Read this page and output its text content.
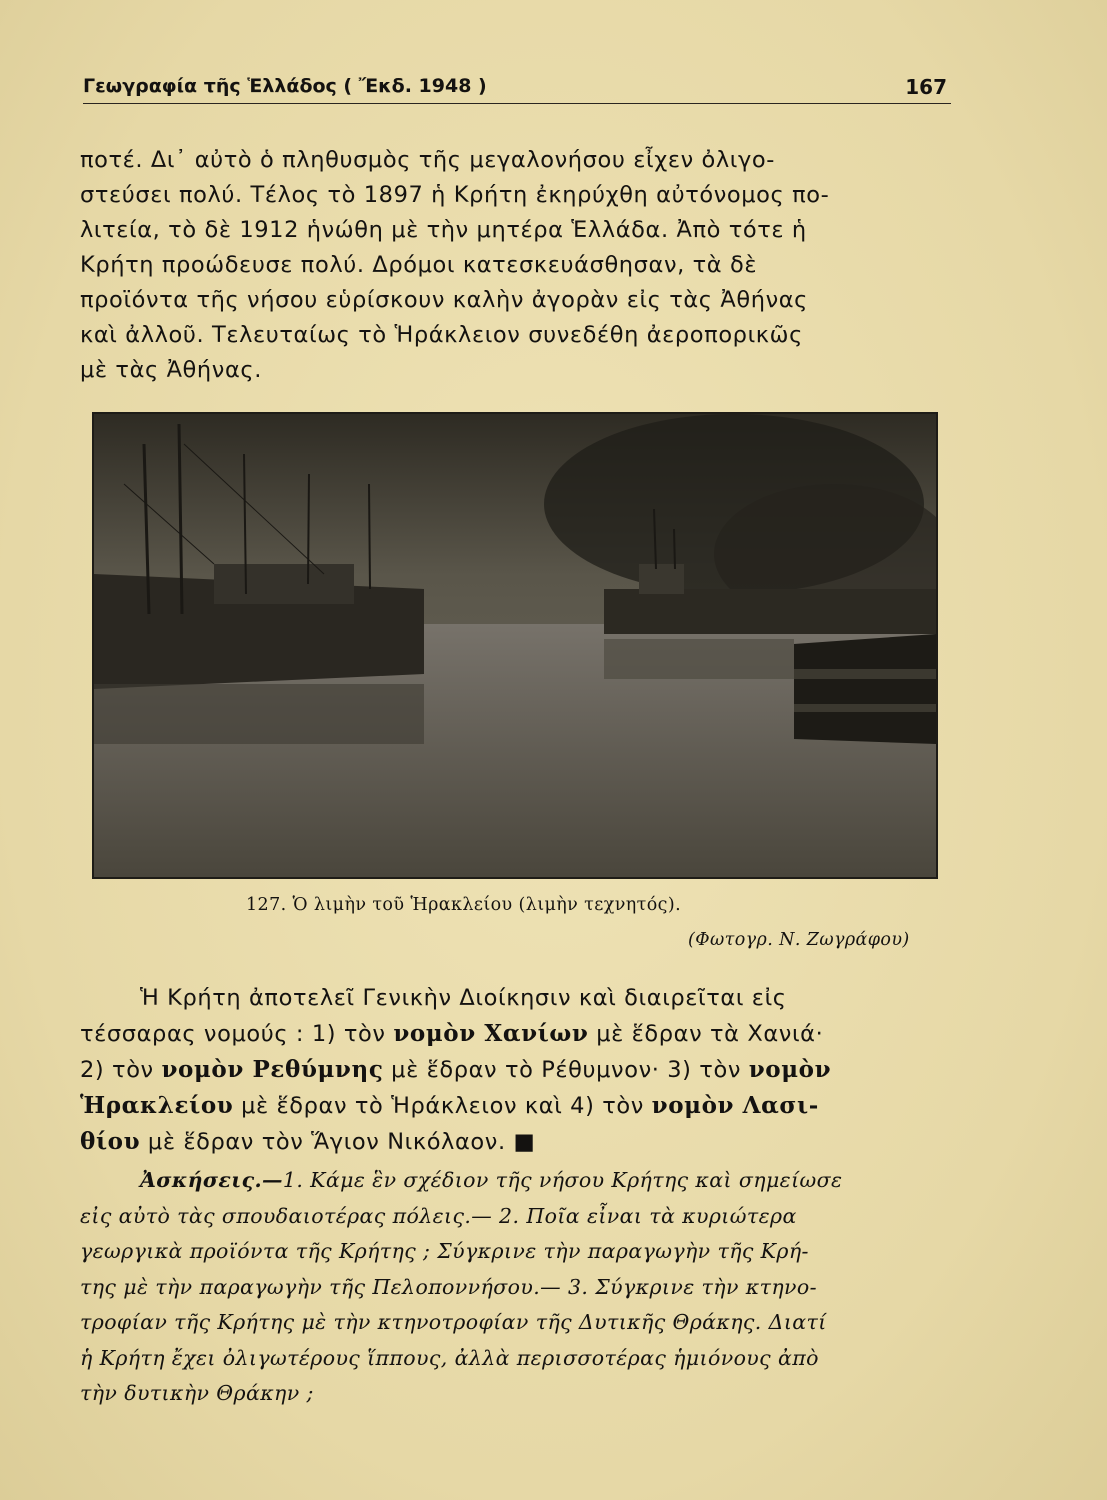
Γεωγραφία τῆς Ἑλλάδος ( Ἔκδ. 1948 )	167

ποτέ. Δι᾿ αὐτὸ ὁ πληθυσμὸς τῆς μεγαλονήσου εἶχεν ὀλιγο-
στεύσει πολύ. Τέλος τὸ 1897 ἡ Κρήτη ἐκηρύχθη αὐτόνομος πο-
λιτεία, τὸ δὲ 1912 ἡνώθη μὲ τὴν μητέρα Ἑλλάδα. Ἀπὸ τότε ἡ
Κρήτη προώδευσε πολύ. Δρόμοι κατεσκευάσθησαν, τὰ δὲ
προϊόντα τῆς νήσου εὑρίσκουν καλὴν ἀγορὰν εἰς τὰς Ἀθήνας
καὶ ἀλλοῦ. Τελευταίως τὸ Ἡράκλειον συνεδέθη ἀεροπορικῶς
μὲ τὰς Ἀθήνας.

127. Ὁ λιμὴν τοῦ Ἡρακλείου (λιμὴν τεχνητός).
(Φωτογρ. Ν. Ζωγράφου)

Ἡ Κρήτη ἀποτελεῖ Γενικὴν Διοίκησιν καὶ διαιρεῖται εἰς
τέσσαρας νομούς : 1) τὸν νομὸν Χανίων μὲ ἕδραν τὰ Χανιά·
2) τὸν νομὸν Ρεθύμνης μὲ ἕδραν τὸ Ρέθυμνον· 3) τὸν νομὸν
Ἡρακλείου μὲ ἕδραν τὸ Ἡράκλειον καὶ 4) τὸν νομὸν Λασι-
θίου μὲ ἕδραν τὸν Ἅγιον Νικόλαον. ■

Ἀσκήσεις.—1. Κάμε ἓν σχέδιον τῆς νήσου Κρήτης καὶ σημείωσε
εἰς αὐτὸ τὰς σπουδαιοτέρας πόλεις.— 2. Ποῖα εἶναι τὰ κυριώτερα
γεωργικὰ προϊόντα τῆς Κρήτης ; Σύγκρινε τὴν παραγωγὴν τῆς Κρή-
της μὲ τὴν παραγωγὴν τῆς Πελοποννήσου.— 3. Σύγκρινε τὴν κτηνο-
τροφίαν τῆς Κρήτης μὲ τὴν κτηνοτροφίαν τῆς Δυτικῆς Θράκης. Διατί
ἡ Κρήτη ἔχει ὀλιγωτέρους ἵππους, ἀλλὰ περισσοτέρας ἡμιόνους ἀπὸ
τὴν δυτικὴν Θράκην ;
